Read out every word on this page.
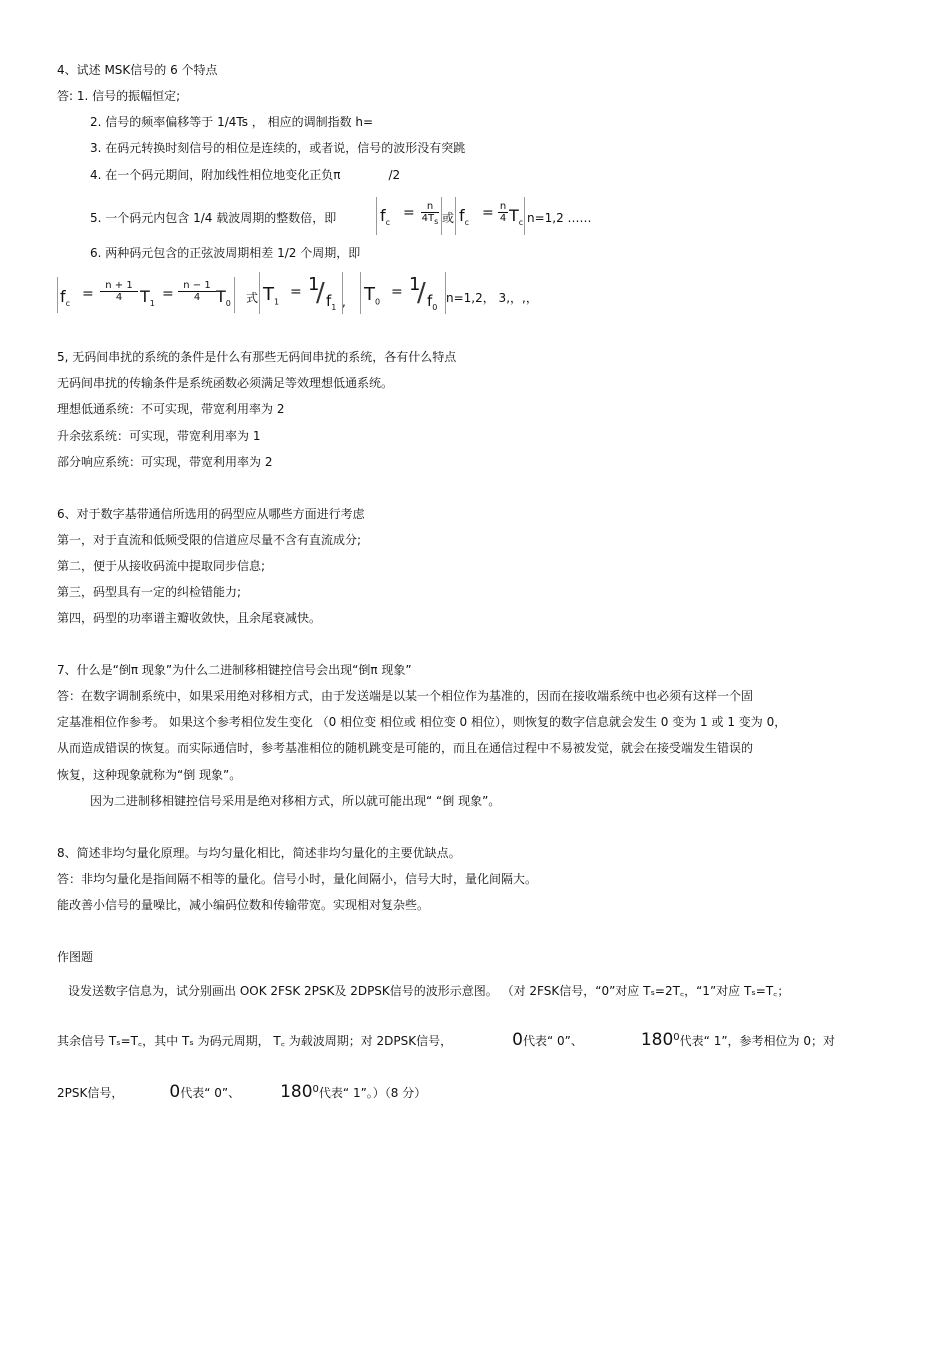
4、试述 MSK信号的 6 个特点
答: 1. 信号的振幅恒定;
2. 信号的频率偏移等于 1/4Ts ， 相应的调制指数 h=
3. 在码元转换时刻信号的相位是连续的，或者说，信号的波形没有突跳
4. 在一个码元期间，附加线性相位地变化正负π	/2
5. 一个码元内包含 1/4 载波周期的整数倍，即	$f_c$
=	n
$4T_s$ 或 $f_c$
= n
4 $T_c$ n=1,2 ……
6. 两种码元包含的正弦波周期相差 1/2 个周期，即
$f_c$
=
n + 1
4	$T_1$
=
n − 1
4 $T_0$ 式 $T_1$
= 1
/ $f_1$ , $T_0$
= 1
/ $f_0$
n=1,2， 3,，,，
5, 无码间串扰的系统的条件是什么有那些无码间串扰的系统，各有什么特点
无码间串扰的传输条件是系统函数必须满足等效理想低通系统。
理想低通系统：不可实现，带宽利用率为 2
升余弦系统：可实现，带宽利用率为 1
部分响应系统：可实现，带宽利用率为 2
6、对于数字基带通信所选用的码型应从哪些方面进行考虑
第一，对于直流和低频受限的信道应尽量不含有直流成分;
第二，便于从接收码流中提取同步信息;
第三，码型具有一定的纠检错能力;
第四，码型的功率谱主瓣收敛快，且余尾衰减快。
7、什么是“倒π 现象”为什么二进制移相键控信号会出现“倒π 现象”
答：在数字调制系统中，如果采用绝对移相方式，由于发送端是以某一个相位作为基准的，因而在接收端系统中也必须有这样一个固
定基准相位作参考。 如果这个参考相位发生变化 （0 相位变 相位或 相位变 0 相位），则恢复的数字信息就会发生 0 变为 1 或 1 变为 0，
从而造成错误的恢复。而实际通信时，参考基准相位的随机跳变是可能的，而且在通信过程中不易被发觉，就会在接受端发生错误的
恢复，这种现象就称为“倒 现象”。
因为二进制移相键控信号采用是绝对移相方式，所以就可能出现“ “倒 现象”。
8、简述非均匀量化原理。与均匀量化相比，简述非均匀量化的主要优缺点。
答：非均匀量化是指间隔不相等的量化。信号小时，量化间隔小，信号大时，量化间隔大。
能改善小信号的量噪比，减小编码位数和传输带宽。实现相对复杂些。
作图题
设发送数字信息为，试分别画出 OOK 2FSK 2PSK及 2DPSK信号的波形示意图。 （对 2FSK信号，“0”对应 Tₛ=2T꜀，“1”对应 Tₛ=T꜀；
其余信号 Tₛ=T꜀，其中 Tₛ 为码元周期， T꜀ 为载波周期；对 2DPSK信号，	0代表“ 0”、	$180^0$代表“ 1”，参考相位为 0；对
2PSK信号，	0代表“ 0”、 $180^0$代表“ 1”。）（8 分）
